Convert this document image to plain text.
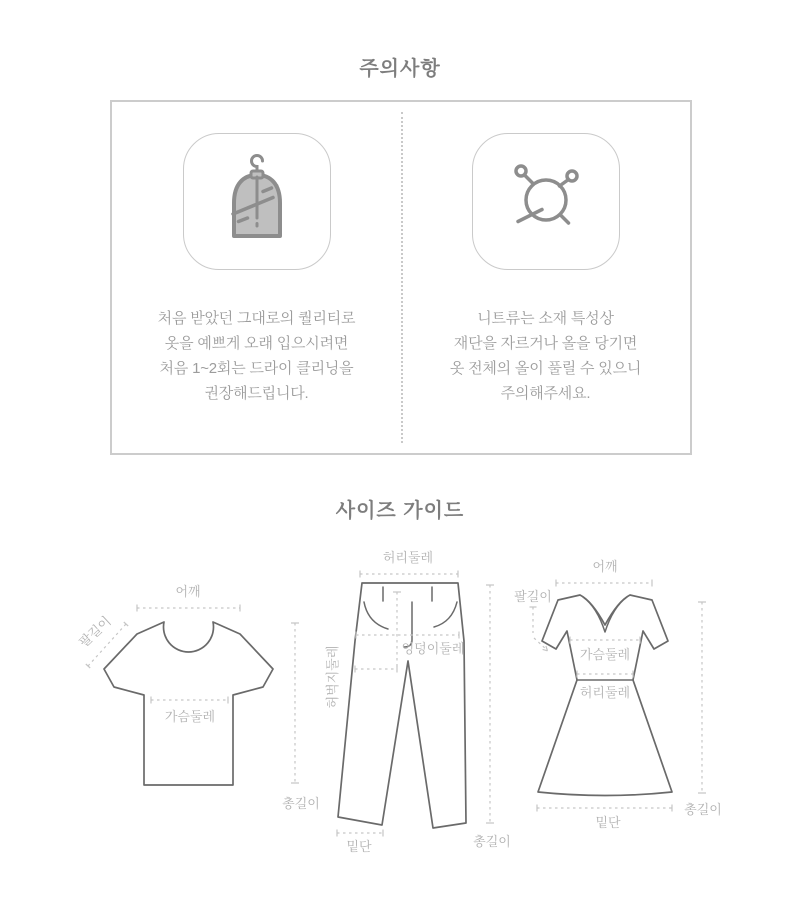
주의사항

처음 받았던 그대로의 퀄리티로

옷을 예쁘게 오래 입으시려면

처음 1~2회는 드라이 클리닝을

권장해드립니다.

니트류는 소재 특성상

재단을 자르거나 올을 당기면

옷 전체의 올이 풀릴 수 있으니

주의해주세요.

사이즈 가이드
어깨
팔길이
가슴둘레
총길이
허리둘레
엉덩이둘레
허벅지둘레
밑단	총길이
어깨
팔길이
가슴둘레
허리둘레
밑단
총길이
